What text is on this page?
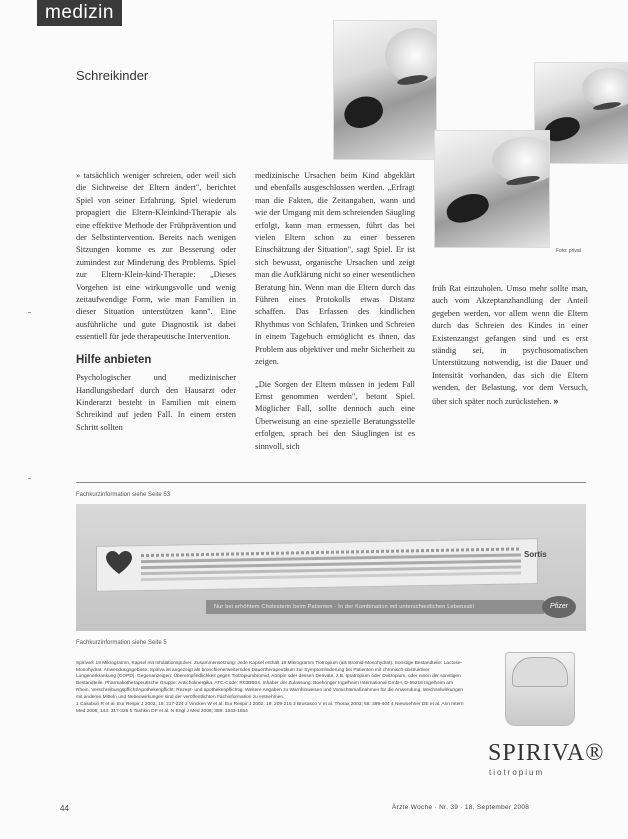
medizin
Schreikinder
Foto: privat

» tatsächlich weniger schreien, oder weil sich die Sichtweise der Eltern ändert", berichtet Spiel von seiner Erfahrung. Spiel wiederum propagiert die Eltern-Kleinkind-Therapie als eine effektive Methode der Frühprävention und der Selbstintervention. Bereits nach wenigen Sitzungen komme es zur Besserung oder zumindest zur Minderung des Problems. Spiel zur Eltern-Klein-kind-Therapie: „Dieses Vorgehen ist eine wirkungsvolle und wenig zeitaufwendige Form, wie man Familien in dieser Situation unterstützen kann". Eine ausführliche und gute Diagnostik ist dabei essentiell für jede therapeutische Intervention.

Hilfe anbieten

Psychologischer und medizinischer Handlungsbedarf durch den Hausarzt oder Kinderarzt besteht in Familien mit einem Schreikind auf jeden Fall. In einem ersten Schritt sollten

medizinische Ursachen beim Kind abgeklärt und ebenfalls ausgeschlossen werden. „Erfragt man die Fakten, die Zeitangaben, wann und wie der Umgang mit dem schreienden Säugling erfolgt, kann man ermessen, führt das bei vielen Eltern schon zu einer besseren Einschätzung der Situation", sagt Spiel. Er ist sich bewusst, organische Ursachen und zeigt man die Aufklärung nicht so einer wesentlichen Beratung hin. Wenn man die Eltern durch das Führen eines Protokolls etwas Distanz schaffen. Das Erfassen des kindlichen Rhythmus von Schlafen, Trinken und Schreien in einem Tagebuch ermöglicht es ihnen, das Problem aus objektiver und mehr Sicherheit zu zeigen.

„Die Sorgen der Eltern müssen in jedem Fall Ernst genommen werden", betont Spiel. Möglicher Fall, sollte dennoch auch eine Überweisung an eine spezielle Beratungsstelle erfolgen, sprach bei den Säuglingen ist es sinnvoll, sich

früh Rat einzuholen. Umso mehr sollte man, auch vom Akzeptanzhandlung der Anteil gegeben werden, vor allem wenn die Eltern durch das Schreien des Kindes in einer Existenzangst gefangen sind und es erst ständig sei, in psychosomatischen Unterstützung notwendig, ist die Dauer und Intensität vorhanden, das sich die Eltern wenden, der Belastung, vor dem Versuch, über sich später noch zurückstehen. »

Fachkurzinformation siehe Seite 53
Sortis
Nur bei erhöhtem Cholesterin beim Patienten · In der Kombination mit unterschiedlichen Lebensstil	Pfizer
Fachkurzinformation siehe Seite 5

Spiriva® 18 Mikrogramm, Kapsel mit Inhalationspulver. Zusammensetzung: Jede Kapsel enthält 18 Mikrogramm Tiotropium (als Bromid-Monohydrat). Sonstige Bestandteile: Lactose-Monohydrat. Anwendungsgebiete: Spiriva ist angezeigt als bronchienerweiterndes Dauertherapeutikum zur Symptomlinderung bei Patienten mit chronisch-obstruktiver Lungenerkrankung (COPD). Gegenanzeigen: Überempfindlichkeit gegen Tiotropiumbromid, Atropin oder dessen Derivate, z.B. Ipratropium oder Oxitropium, oder einen der sonstigen Bestandteile. Pharmakotherapeutische Gruppe: Anticholinergika. ATC-Code: R03BB04. Inhaber der Zulassung: Boehringer Ingelheim International GmbH, D-55216 Ingelheim am Rhein. Verschreibungspflicht/Apothekenpflicht: Rezept- und apothekenpflichtig. Weitere Angaben zu Warnhinweisen und Vorsichtsmaßnahmen für die Anwendung, Wechselwirkungen mit anderen Mitteln und Nebenwirkungen sind der veröffentlichten Fachinformation zu entnehmen.

1 Casaburi R et al. Eur Respir J 2002; 19: 217-224 2 Vincken W et al. Eur Respir J 2002; 19: 209-216 3 Brusasco V et al. Thorax 2003; 58: 399-404 4 Niewoehner DE et al. Ann Intern Med 2005; 143: 317-326 5 Tashkin DP et al. N Engl J Med 2008; 359: 1543-1554

SPIRIVA®
tiotropium
44	Ärzte Woche · Nr. 39 · 18. September 2008
